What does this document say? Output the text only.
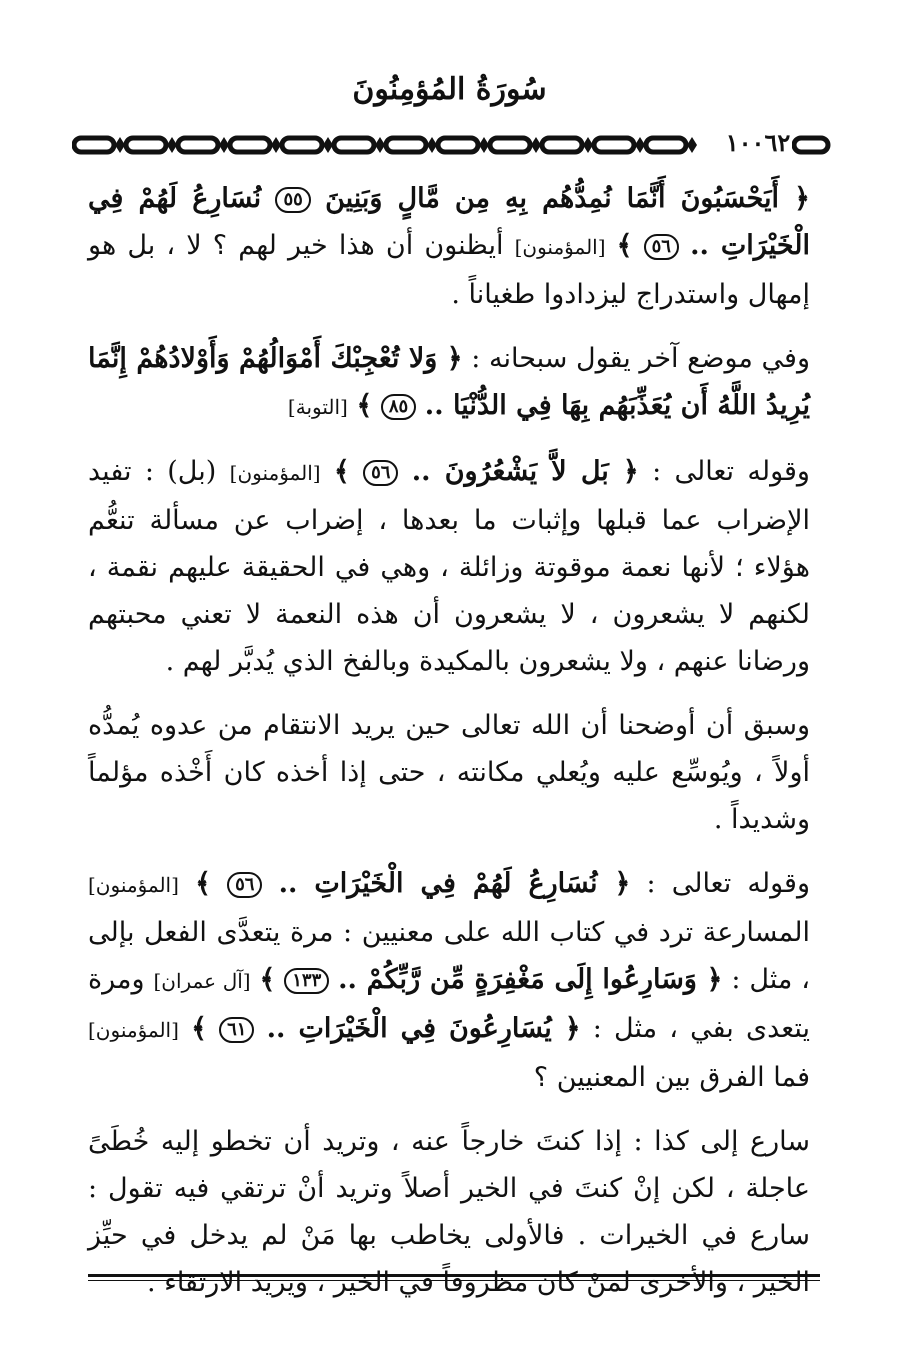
سُورَةُ المُؤمِنُونَ
١٠٠٦٢

﴿ أَيَحْسَبُونَ أَنَّمَا نُمِدُّهُم بِهِ مِن مَّالٍ وَبَنِينَ ٥٥ نُسَارِعُ لَهُمْ فِي الْخَيْرَاتِ .. ٥٦ ﴾ [المؤمنون] أيظنون أن هذا خير لهم ؟ لا ، بل هو إمهال واستدراج ليزدادوا طغياناً .

وفي موضع آخر يقول سبحانه : ﴿ وَلا تُعْجِبْكَ أَمْوَالُهُمْ وَأَوْلادُهُمْ إِنَّمَا يُرِيدُ اللَّهُ أَن يُعَذِّبَهُم بِهَا فِي الدُّنْيَا .. ٨٥ ﴾ [التوبة]

وقوله تعالى : ﴿ بَل لاَّ يَشْعُرُونَ .. ٥٦ ﴾ [المؤمنون] (بل) : تفيد الإضراب عما قبلها وإثبات ما بعدها ، إضراب عن مسألة تنعُّم هؤلاء ؛ لأنها نعمة موقوتة وزائلة ، وهي في الحقيقة عليهم نقمة ، لكنهم لا يشعرون ، لا يشعرون أن هذه النعمة لا تعني محبتهم ورضانا عنهم ، ولا يشعرون بالمكيدة وبالفخ الذي يُدبَّر لهم .

وسبق أن أوضحنا أن الله تعالى حين يريد الانتقام من عدوه يُمدُّه أولاً ، ويُوسِّع عليه ويُعلي مكانته ، حتى إذا أخذه كان أَخْذه مؤلماً وشديداً .

وقوله تعالى : ﴿ نُسَارِعُ لَهُمْ فِي الْخَيْرَاتِ .. ٥٦ ﴾ [المؤمنون] المسارعة ترد في كتاب الله على معنيين : مرة يتعدَّى الفعل بإلى ، مثل : ﴿ وَسَارِعُوا إِلَى مَغْفِرَةٍ مِّن رَّبِّكُمْ .. ١٣٣ ﴾ [آل عمران] ومرة يتعدى بفي ، مثل : ﴿ يُسَارِعُونَ فِي الْخَيْرَاتِ .. ٦١ ﴾ [المؤمنون] فما الفرق بين المعنيين ؟

سارع إلى كذا : إذا كنتَ خارجاً عنه ، وتريد أن تخطو إليه خُطَىً عاجلة ، لكن إنْ كنتَ في الخير أصلاً وتريد أنْ ترتقي فيه تقول : سارع في الخيرات . فالأولى يخاطب بها مَنْ لم يدخل في حيِّز الخير ، والأخرى لمنْ كان مظروفاً في الخير ، ويريد الارتقاء .
